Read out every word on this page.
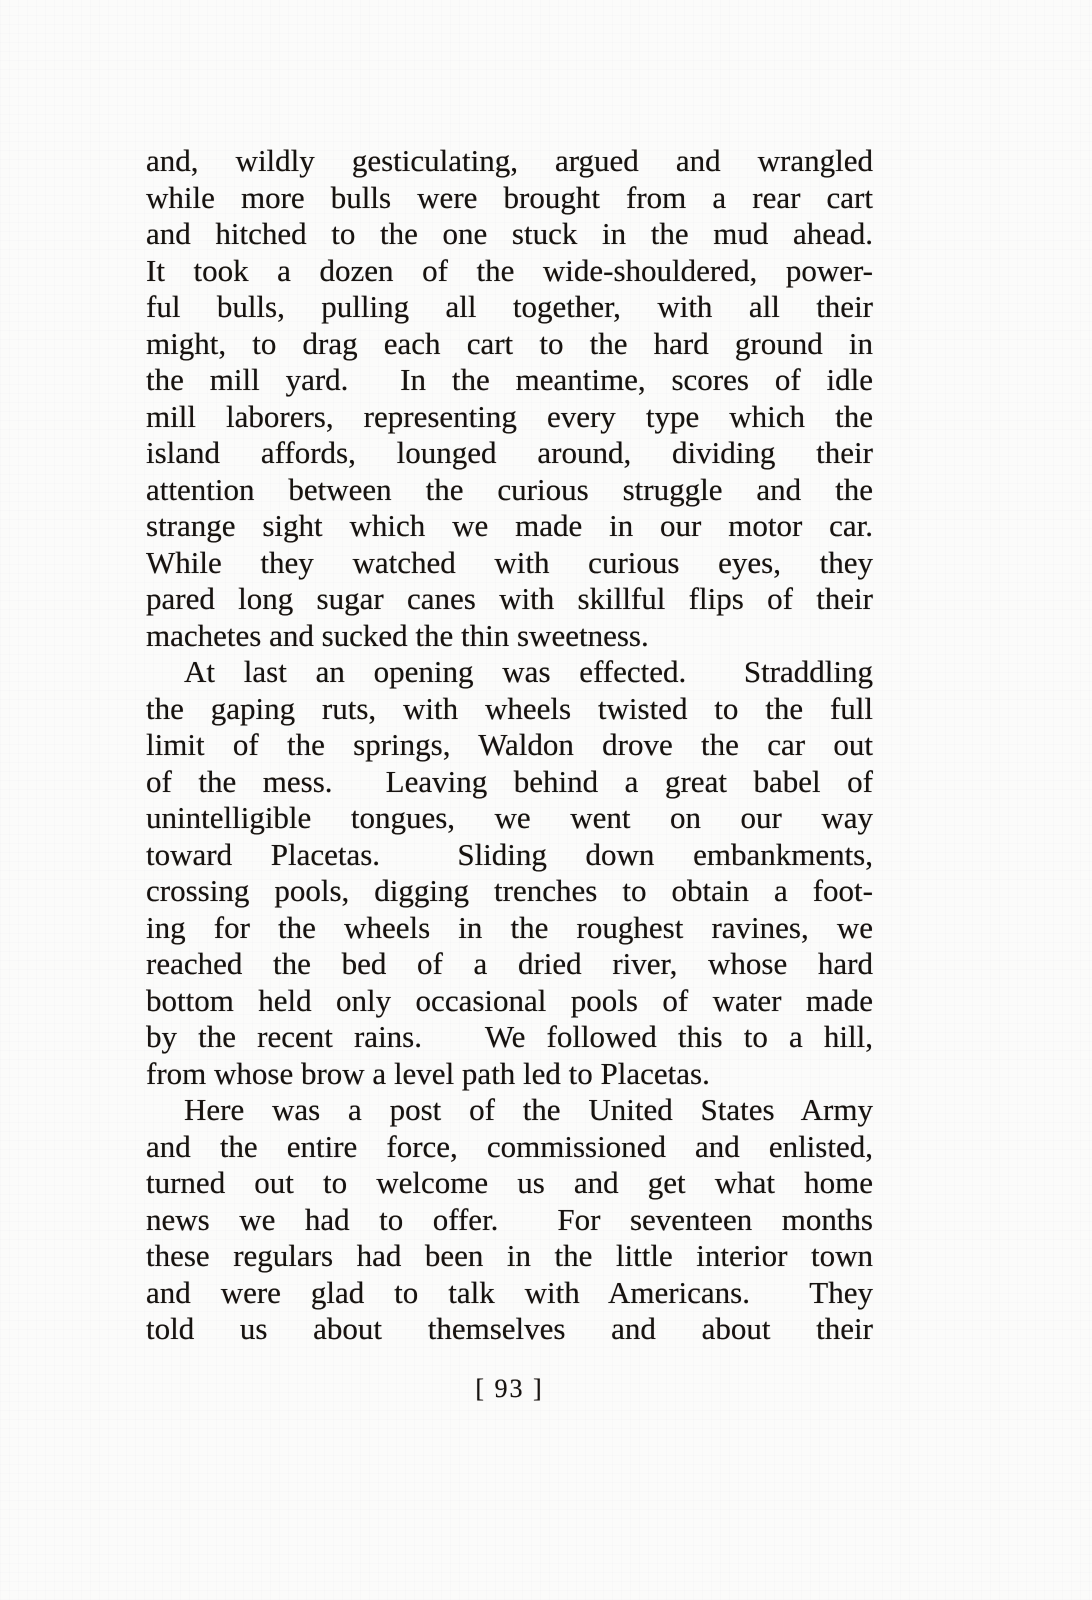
and, wildly gesticulating, argued and wrangled
while more bulls were brought from a rear cart
and hitched to the one stuck in the mud ahead.
It took a dozen of the wide-shouldered, power-
ful bulls, pulling all together, with all their
might, to drag each cart to the hard ground in
the mill yard.  In the meantime, scores of idle
mill laborers, representing every type which the
island affords, lounged around, dividing their
attention between the curious struggle and the
strange sight which we made in our motor car.
While they watched with curious eyes, they
pared long sugar canes with skillful flips of their
machetes and sucked the thin sweetness.
At last an opening was effected.  Straddling
the gaping ruts, with wheels twisted to the full
limit of the springs, Waldon drove the car out
of the mess.  Leaving behind a great babel of
unintelligible tongues, we went on our way
toward Placetas.  Sliding down embankments,
crossing pools, digging trenches to obtain a foot-
ing for the wheels in the roughest ravines, we
reached the bed of a dried river, whose hard
bottom held only occasional pools of water made
by the recent rains.   We followed this to a hill,
from whose brow a level path led to Placetas.
Here was a post of the United States Army
and the entire force, commissioned and enlisted,
turned out to welcome us and get what home
news we had to offer.  For seventeen months
these regulars had been in the little interior town
and were glad to talk with Americans.  They
told us about themselves and about their
[ 93 ]
